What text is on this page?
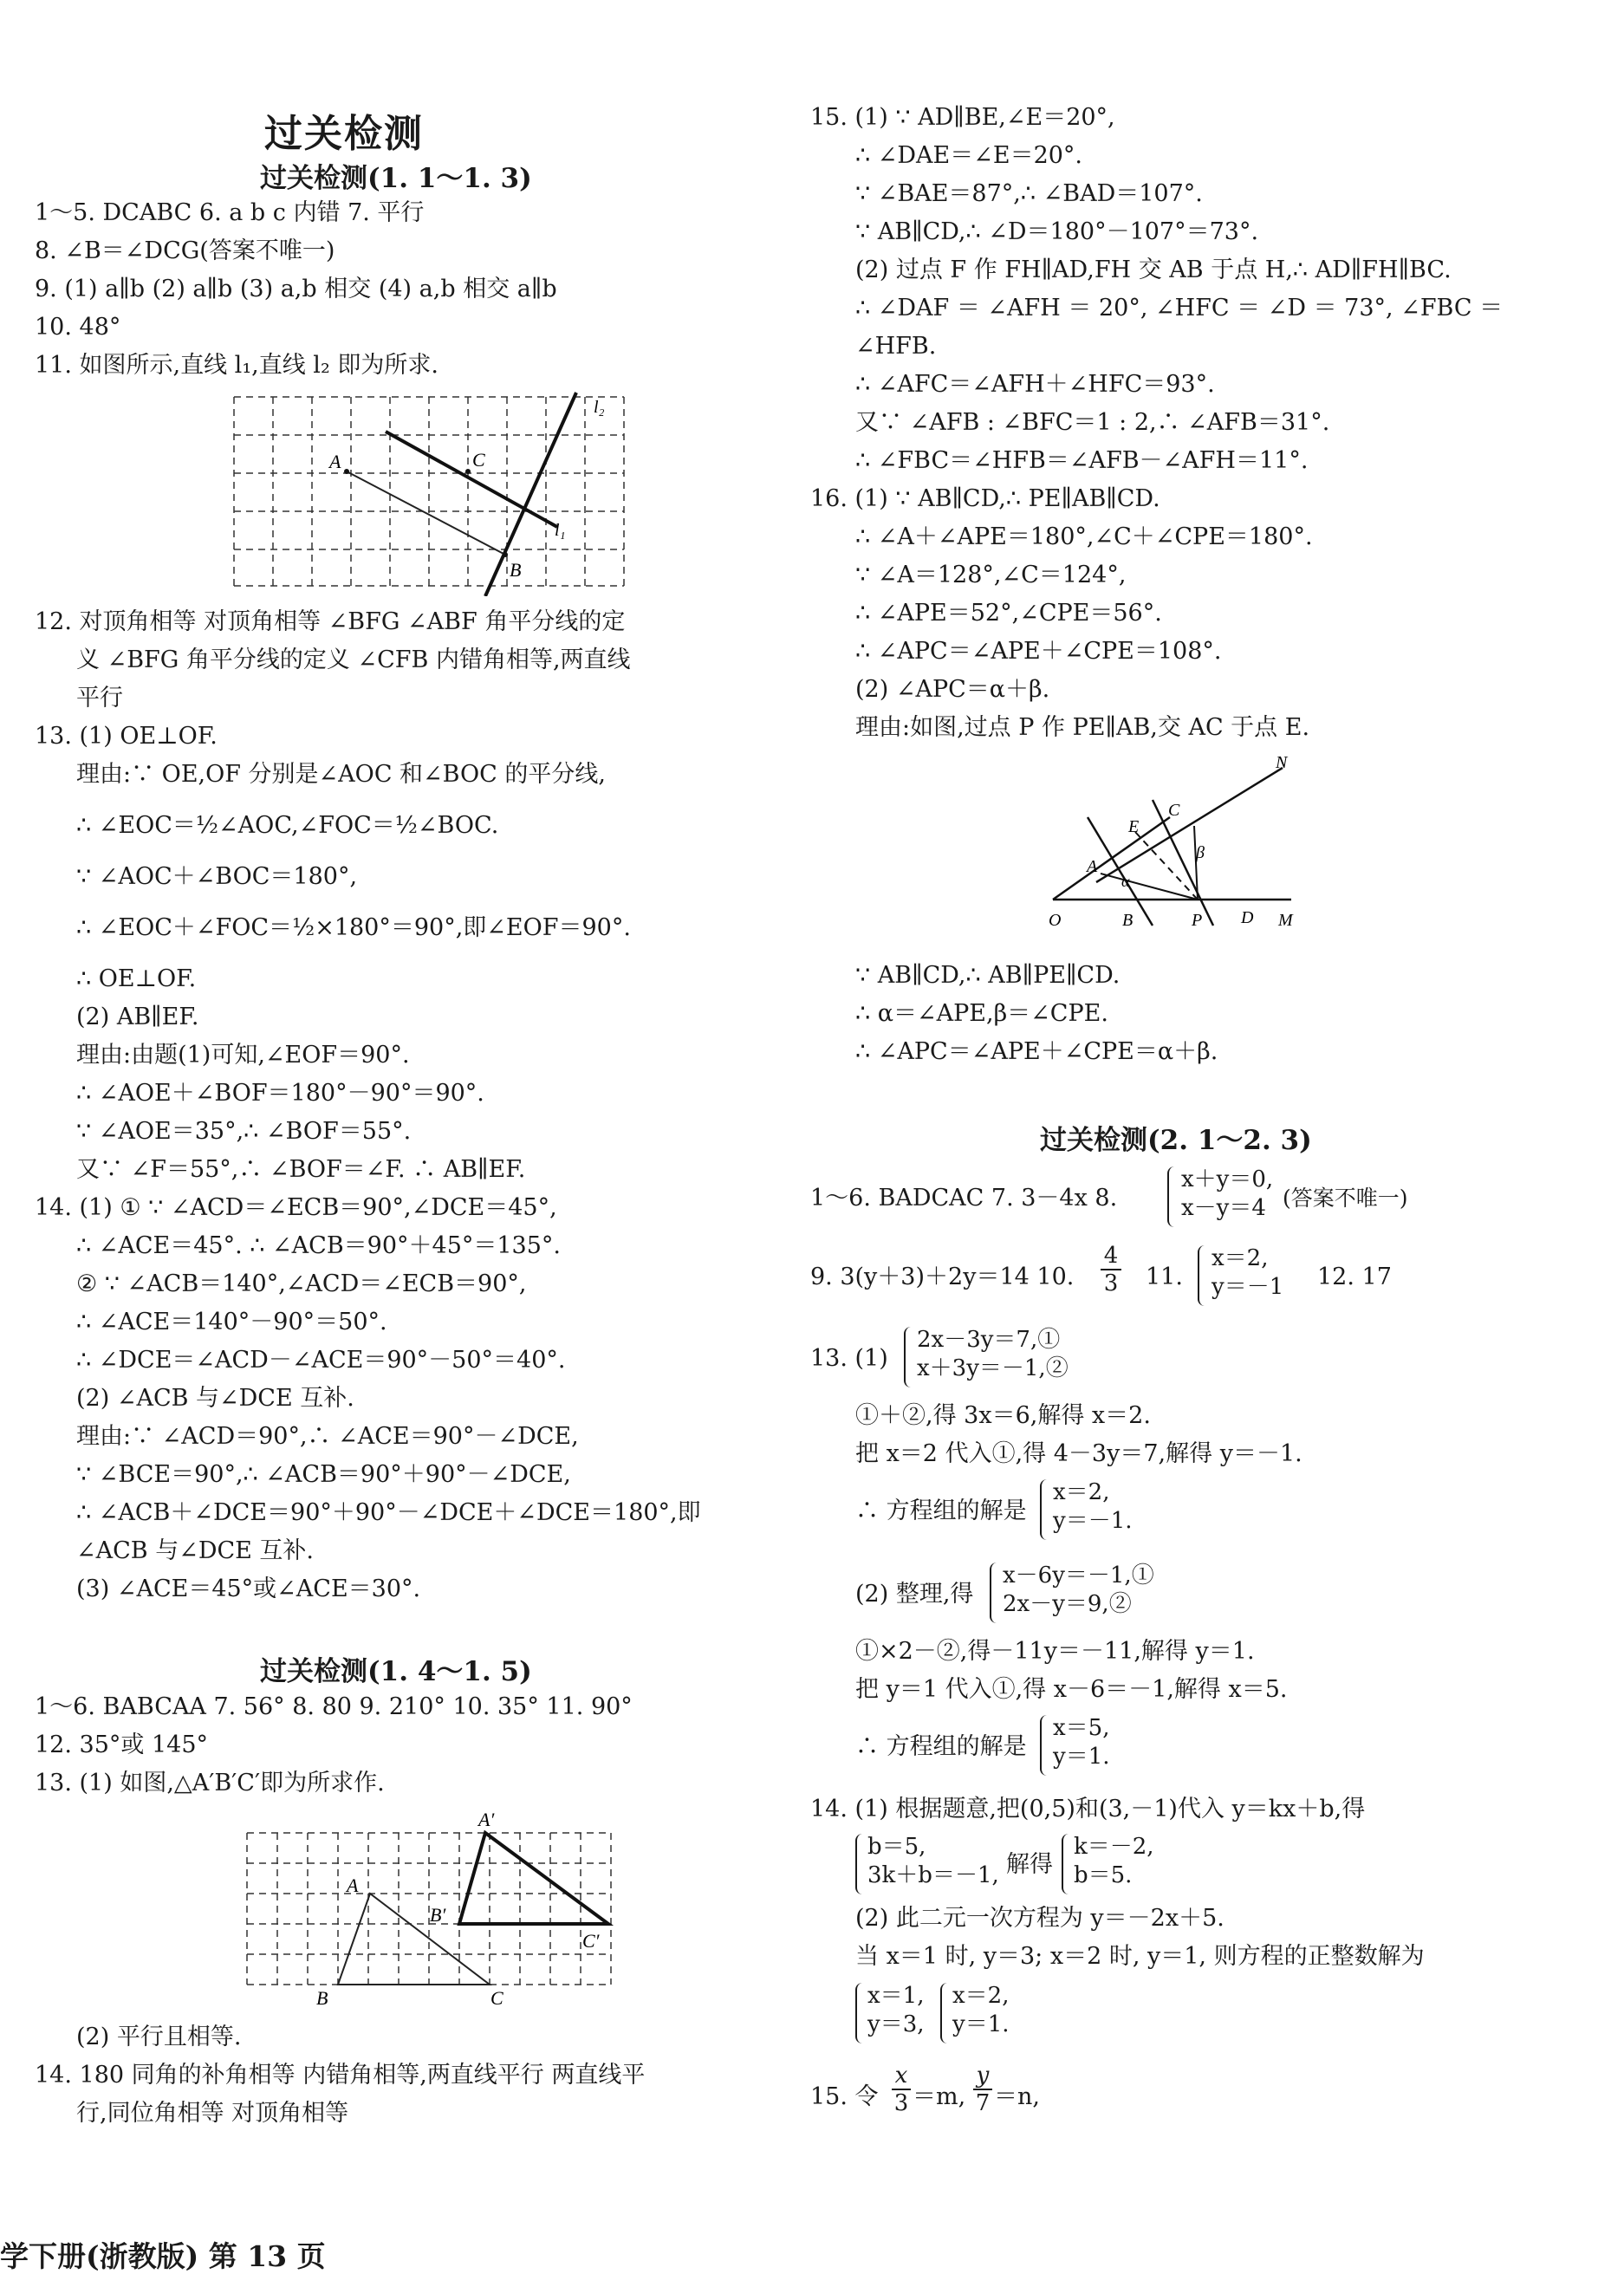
过关检测
过关检测(1. 1～1. 3)
1～5. DCABC 6. a b c 内错 7. 平行
8. ∠B＝∠DCG(答案不唯一)
9. (1) a∥b (2) a∥b (3) a,b 相交 (4) a,b 相交 a∥b
10. 48°
11. 如图所示,直线 l₁,直线 l₂ 即为所求.
A	C
B
l₂
l₁
12. 对顶角相等 对顶角相等 ∠BFG ∠ABF 角平分线的定
义 ∠BFG 角平分线的定义 ∠CFB 内错角相等,两直线
平行
13. (1) OE⊥OF.
理由:∵ OE,OF 分别是∠AOC 和∠BOC 的平分线,
∴ ∠EOC＝½∠AOC,∠FOC＝½∠BOC.
∵ ∠AOC＋∠BOC＝180°,
∴ ∠EOC＋∠FOC＝½×180°＝90°,即∠EOF＝90°.
∴ OE⊥OF.
(2) AB∥EF.
理由:由题(1)可知,∠EOF＝90°.
∴ ∠AOE＋∠BOF＝180°－90°＝90°.
∵ ∠AOE＝35°,∴ ∠BOF＝55°.
又∵ ∠F＝55°,∴ ∠BOF＝∠F. ∴ AB∥EF.
14. (1) ① ∵ ∠ACD＝∠ECB＝90°,∠DCE＝45°,
∴ ∠ACE＝45°. ∴ ∠ACB＝90°＋45°＝135°.
② ∵ ∠ACB＝140°,∠ACD＝∠ECB＝90°,
∴ ∠ACE＝140°－90°＝50°.
∴ ∠DCE＝∠ACD－∠ACE＝90°－50°＝40°.
(2) ∠ACB 与∠DCE 互补.
理由:∵ ∠ACD＝90°,∴ ∠ACE＝90°－∠DCE,
∵ ∠BCE＝90°,∴ ∠ACB＝90°＋90°－∠DCE,
∴ ∠ACB＋∠DCE＝90°＋90°－∠DCE＋∠DCE＝180°,即
∠ACB 与∠DCE 互补.
(3) ∠ACE＝45°或∠ACE＝30°.
过关检测(1. 4～1. 5)
1～6. BABCAA 7. 56° 8. 80 9. 210° 10. 35° 11. 90°
12. 35°或 145°
13. (1) 如图,△A′B′C′即为所求作.
A′
A
B′
C′
B	C
(2) 平行且相等.
14. 180 同角的补角相等 内错角相等,两直线平行 两直线平
行,同位角相等 对顶角相等
15. (1) ∵ AD∥BE,∠E＝20°,
∴ ∠DAE＝∠E＝20°.
∵ ∠BAE＝87°,∴ ∠BAD＝107°.
∵ AB∥CD,∴ ∠D＝180°－107°＝73°.
(2) 过点 F 作 FH∥AD,FH 交 AB 于点 H,∴ AD∥FH∥BC.
∴ ∠DAF ＝ ∠AFH ＝ 20°, ∠HFC ＝ ∠D ＝ 73°, ∠FBC ＝
∠HFB.
∴ ∠AFC＝∠AFH＋∠HFC＝93°.
又∵ ∠AFB : ∠BFC＝1 : 2,∴ ∠AFB＝31°.
∴ ∠FBC＝∠HFB＝∠AFB－∠AFH＝11°.
16. (1) ∵ AB∥CD,∴ PE∥AB∥CD.
∴ ∠A＋∠APE＝180°,∠C＋∠CPE＝180°.
∵ ∠A＝128°,∠C＝124°,
∴ ∠APE＝52°,∠CPE＝56°.
∴ ∠APC＝∠APE＋∠CPE＝108°.
(2) ∠APC＝α＋β.
理由:如图,过点 P 作 PE∥AB,交 AC 于点 E.
N
C
E
β
A
α
O	B	P D M
∵ AB∥CD,∴ AB∥PE∥CD.
∴ α＝∠APE,β＝∠CPE.
∴ ∠APC＝∠APE＋∠CPE＝α＋β.
过关检测(2. 1～2. 3)
1～6. BADCAC 7. 3－4x 8.
x＋y＝0,
x－y＝4 (答案不唯一)
9. 3(y＋3)＋2y＝14 10. $\frac{4}{3} 11$.
x＝2,
y＝－1 12. 17
13. (1)
2x－3y＝7,①
x＋3y＝－1,②
①＋②,得 3x＝6,解得 x＝2.
把 x＝2 代入①,得 4－3y＝7,解得 y＝－1.
∴ 方程组的解是
x＝2,
y＝－1.
(2) 整理,得
x－6y＝－1,①
2x－y＝9,②
①×2－②,得－11y＝－11,解得 y＝1.
把 y＝1 代入①,得 x－6＝－1,解得 x＝5.
∴ 方程组的解是
x＝5,
y＝1.
14. (1) 根据题意,把(0,5)和(3,－1)代入 y＝kx＋b,得
b＝5,
3k＋b＝－1, 解得
k＝－2,
b＝5.
(2) 此二元一次方程为 y＝－2x＋5.
当 x＝1 时, y＝3; x＝2 时, y＝1, 则方程的正整数解为
x＝1,
y＝3,
x＝2,
y＝1.
15. 令 $\frac{x}{3} =m$, $\frac{y}{7} =n$,
学下册(浙教版) 第 13 页
